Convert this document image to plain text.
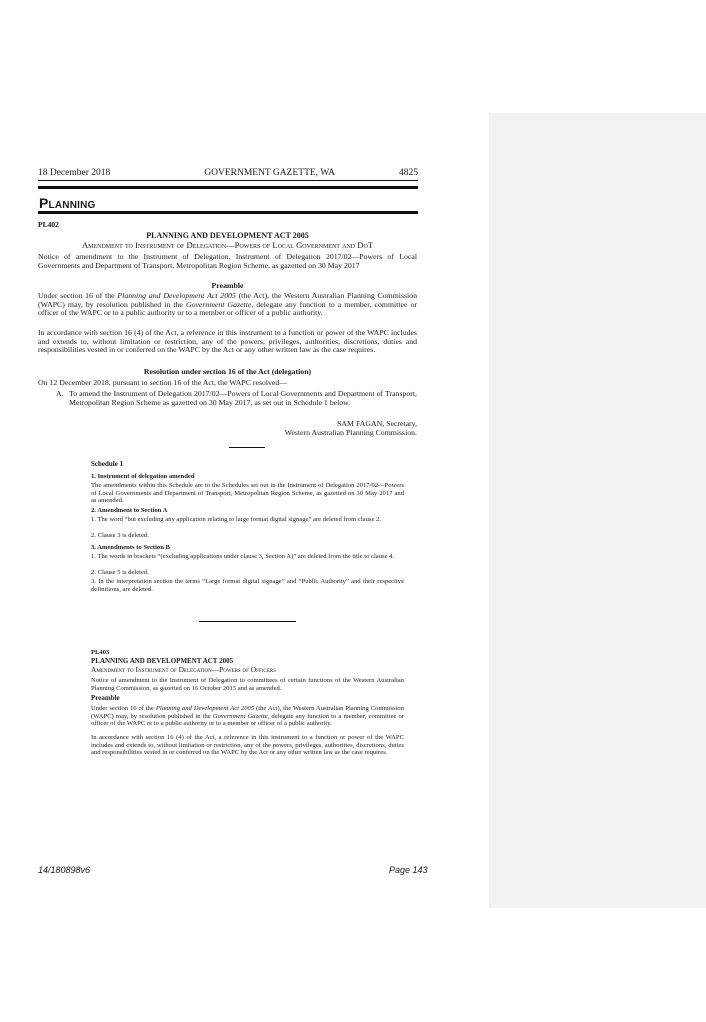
18 December 2018	GOVERNMENT GAZETTE, WA	4825
Planning
PL402
PLANNING AND DEVELOPMENT ACT 2005
Amendment to Instrument of Delegation—Powers of Local Government and DoT
Notice of amendment to the Instrument of Delegation, Instrument of Delegation 2017/02—Powers of Local Governments and Department of Transport, Metropolitan Region Scheme, as gazetted on 30 May 2017
Preamble
Under section 16 of the Planning and Development Act 2005 (the Act), the Western Australian Planning Commission (WAPC) may, by resolution published in the Government Gazette, delegate any function to a member, committee or officer of the WAPC or to a public authority or to a member or officer of a public authority.
In accordance with section 16 (4) of the Act, a reference in this instrument to a function or power of the WAPC includes and extends to, without limitation or restriction, any of the powers, privileges, authorities, discretions, duties and responsibilities vested in or conferred on the WAPC by the Act or any other written law as the case requires.
Resolution under section 16 of the Act (delegation)
On 12 December 2018, pursuant to section 16 of the Act, the WAPC resolved—
A. To amend the Instrument of Delegation 2017/02—Powers of Local Governments and Department of Transport, Metropolitan Region Scheme as gazetted on 30 May 2017, as set out in Schedule 1 below.
SAM FAGAN, Secretary,
Western Australian Planning Commission.
Schedule 1
1. Instrument of delegation amended
The amendments within this Schedule are to the Schedules set out in the Instrument of Delegation 2017/02—Powers of Local Governments and Department of Transport, Metropolitan Region Scheme, as gazetted on 30 May 2017 and as amended.
2. Amendment to Section A
1. The word “but excluding any application relating to large format digital signage” are deleted from clause 2.
2. Clause 3 is deleted.
3. Amendments to Section B
1. The words in brackets “(excluding applications under clause 3, Section A)” are deleted from the title to clause 4.
2. Clause 5 is deleted.
3. In the interpretation section the terms “Large format digital signage” and “Public Authority” and their respective definitions, are deleted.
PL403
PLANNING AND DEVELOPMENT ACT 2005
Amendment to Instrument of Delegation—Powers of Officers
Notice of amendment to the Instrument of Delegation to committees of certain functions of the Western Australian Planning Commission, as gazetted on 16 October 2015 and as amended.
Preamble
Under section 16 of the Planning and Development Act 2005 (the Act), the Western Australian Planning Commission (WAPC) may, by resolution published in the Government Gazette, delegate any function to a member, committee or officer of the WAPC or to a public authority or to a member or officer of a public authority.
In accordance with section 16 (4) of the Act, a reference in this instrument to a function or power of the WAPC includes and extends to, without limitation or restriction, any of the powers, privileges, authorities, discretions, duties and responsibilities vested in or conferred on the WAPC by the Act or any other written law as the case requires.
14/180898v6	Page 143
